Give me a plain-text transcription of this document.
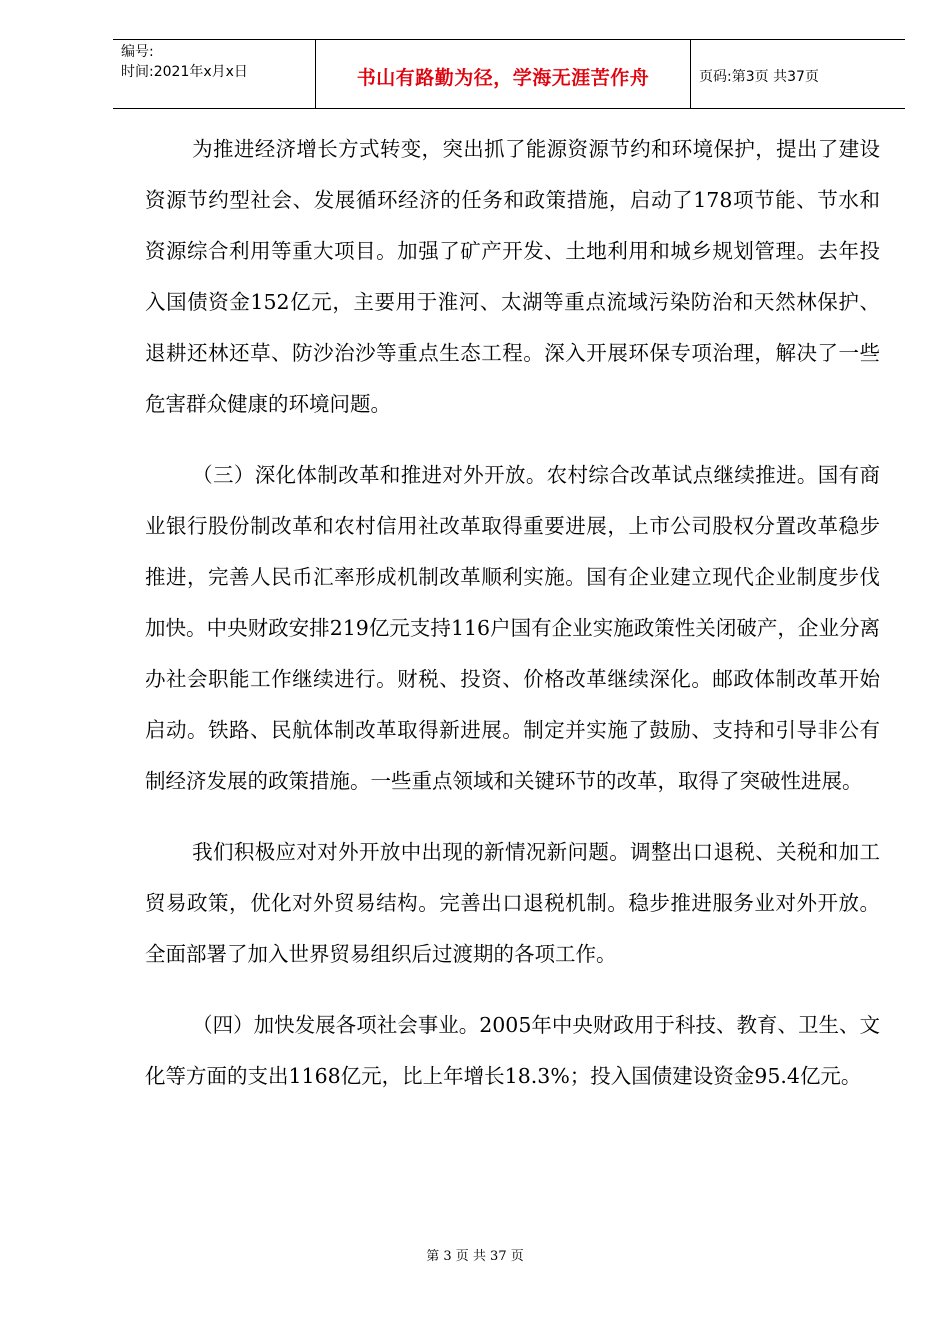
编号:
时间:2021年x月x日	书山有路勤为径，学海无涯苦作舟	页码:第3页 共37页

为推进经济增长方式转变，突出抓了能源资源节约和环境保护，提出了建设资源节约型社会、发展循环经济的任务和政策措施，启动了178项节能、节水和资源综合利用等重大项目。加强了矿产开发、土地利用和城乡规划管理。去年投入国债资金152亿元，主要用于淮河、太湖等重点流域污染防治和天然林保护、退耕还林还草、防沙治沙等重点生态工程。深入开展环保专项治理，解决了一些危害群众健康的环境问题。

（三）深化体制改革和推进对外开放。农村综合改革试点继续推进。国有商业银行股份制改革和农村信用社改革取得重要进展，上市公司股权分置改革稳步推进，完善人民币汇率形成机制改革顺利实施。国有企业建立现代企业制度步伐加快。中央财政安排219亿元支持116户国有企业实施政策性关闭破产，企业分离办社会职能工作继续进行。财税、投资、价格改革继续深化。邮政体制改革开始启动。铁路、民航体制改革取得新进展。制定并实施了鼓励、支持和引导非公有制经济发展的政策措施。一些重点领域和关键环节的改革，取得了突破性进展。

我们积极应对对外开放中出现的新情况新问题。调整出口退税、关税和加工贸易政策，优化对外贸易结构。完善出口退税机制。稳步推进服务业对外开放。全面部署了加入世界贸易组织后过渡期的各项工作。

（四）加快发展各项社会事业。2005年中央财政用于科技、教育、卫生、文化等方面的支出1168亿元，比上年增长18.3%；投入国债建设资金95.4亿元。

第 3 页 共 37 页
